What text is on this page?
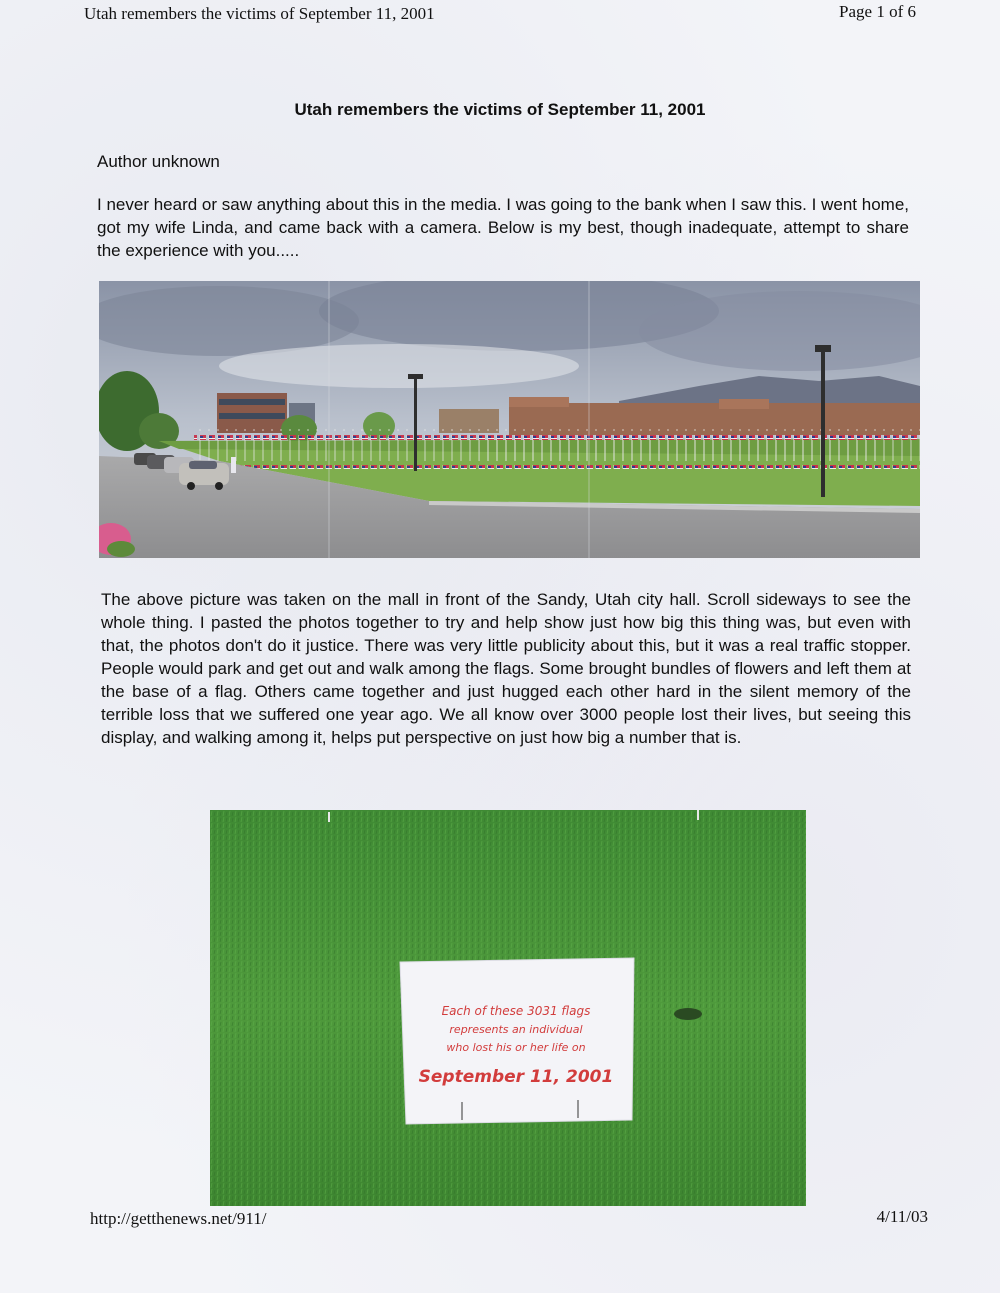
Utah remembers the victims of September 11, 2001	Page 1 of 6
Utah remembers the victims of September 11, 2001
Author unknown

I never heard or saw anything about this in the media. I was going to the bank when I saw this. I went home, got my wife Linda, and came back with a camera. Below is my best, though inadequate, attempt to share the experience with you.....

The above picture was taken on the mall in front of the Sandy, Utah city hall. Scroll sideways to see the whole thing. I pasted the photos together to try and help show just how big this thing was, but even with that, the photos don't do it justice. There was very little publicity about this, but it was a real traffic stopper. People would park and get out and walk among the flags. Some brought bundles of flowers and left them at the base of a flag. Others came together and just hugged each other hard in the silent memory of the terrible loss that we suffered one year ago. We all know over 3000 people lost their lives, but seeing this display, and walking among it, helps put perspective on just how big a number that is.

Each of these 3031 flags
represents an individual
who lost his or her life on
September 11, 2001
http://getthenews.net/911/	4/11/03
